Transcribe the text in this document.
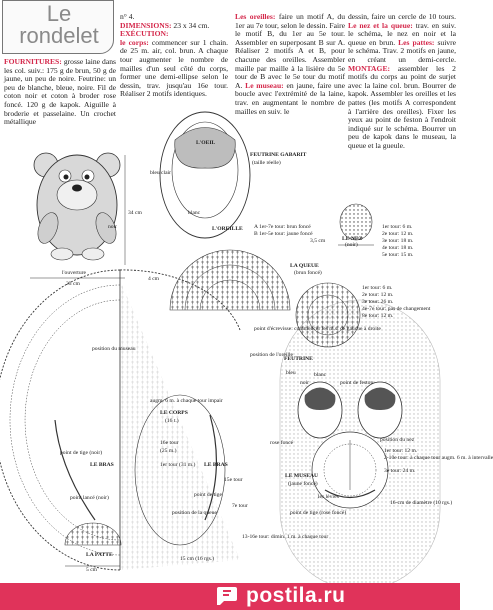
Le
rondelet

FOURNITURES: grosse laine dans les col. suiv.: 175 g de brun, 50 g de jaune, un peu de noire. Feutrine: un peu de blanche, bleue, noire. Fil de coton noir et coton à broder rose foncé. 120 g de kapok. Aiguille à broderie et passelaine. Un crochet métallique

n° 4.

DIMENSIONS: 23 x 34 cm.

EXÉCUTION:

le corps: commencer sur 1 chain. de 25 m. air, col. brun. A chaque tour augmenter le nombre de mailles d'un seul côté du corps, former une demi-ellipse selon le dessin, trav. jusqu'au 16e tour. Réaliser 2 motifs identiques.

Les oreilles: faire un motif A, du 1er au 7e tour, selon le dessin. Faire le motif B, du 1er au 5e tour. Assembler en superposant B sur A. Réaliser 2 motifs A et B, pour chacune des oreilles. Assembler maille par maille à la lisière du 5e tour de B avec le 5e tour du motif A. Le museau: en jaune, faire une boucle avec l'extrémité de la laine, trav. en augmentant le nombre de mailles en suiv. le

dessin, faire un cercle de 10 tours. Le nez et la queue: trav. en suiv. le schéma, le nez en noir et la queue en brun. Les pattes: suivre le schéma. Trav. 2 motifs en jaune, en créant un demi-cercle. MONTAGE: assembler les 2 motifs du corps au point de surjet avec la laine col. brun. Bourrer de kapok. Assembler les oreilles et les pattes (les motifs A correspondent à l'arrière des oreilles). Fixer les yeux au point de feston à l'endroit indiqué sur le schéma. Bourrer un peu de kapok dans le museau, la queue et la gueule.

l'ouverture
23 cm
34 cm
noir
bleu clair
blanc
L'OEIL
FEUTRINE GABARIT
(taille réelle)
L'OREILLE A 1er-7e tour: brun foncé
B 1er-5e tour: jaune foncé
LE NEZ
(noir)
1er tour: 6 m.
2e tour: 12 m.
3e tour: 18 m.
4e tour: 18 m.
5e tour: 15 m.
LA QUEUE
(brun foncé)
1er tour: 6 m.
2e tour: 12 m.
3e tour: 26 m.
4e-7e tour: pas de changement
8e tour: 12 m.
4 cm
3,5 cm
point d'écrevisse: commencer les m.s. de gauche à droite
position de l'oreille
position du museau
FEUTRINE
bleu	blanc
noir	point de feston
position du nez
LE CORPS
(16 t.)
augm. 6 m. à chaque tour impair
16e tour
(25 m.)
1er tour (31 m.)
15e tour
7e tour
LE BRAS	LE BRAS
point de tige (noir)
point de tige
point lancé (noir)
position de la queue
LA PATTE
5 cm
15 cm (16 rgs.)
13-16e tour: dimin. 1 m. à chaque tour
LE MUSEAU
(jaune foncé)
1er tour: 12 m.
2-10e tour: à chaque tour augm. 6 m. à intervalle
3e tour: 24 m.
les lèvres
16-cm de diamètre (10 rgs.)
rose foncé
point de tige (rose foncé)
postila.ru
